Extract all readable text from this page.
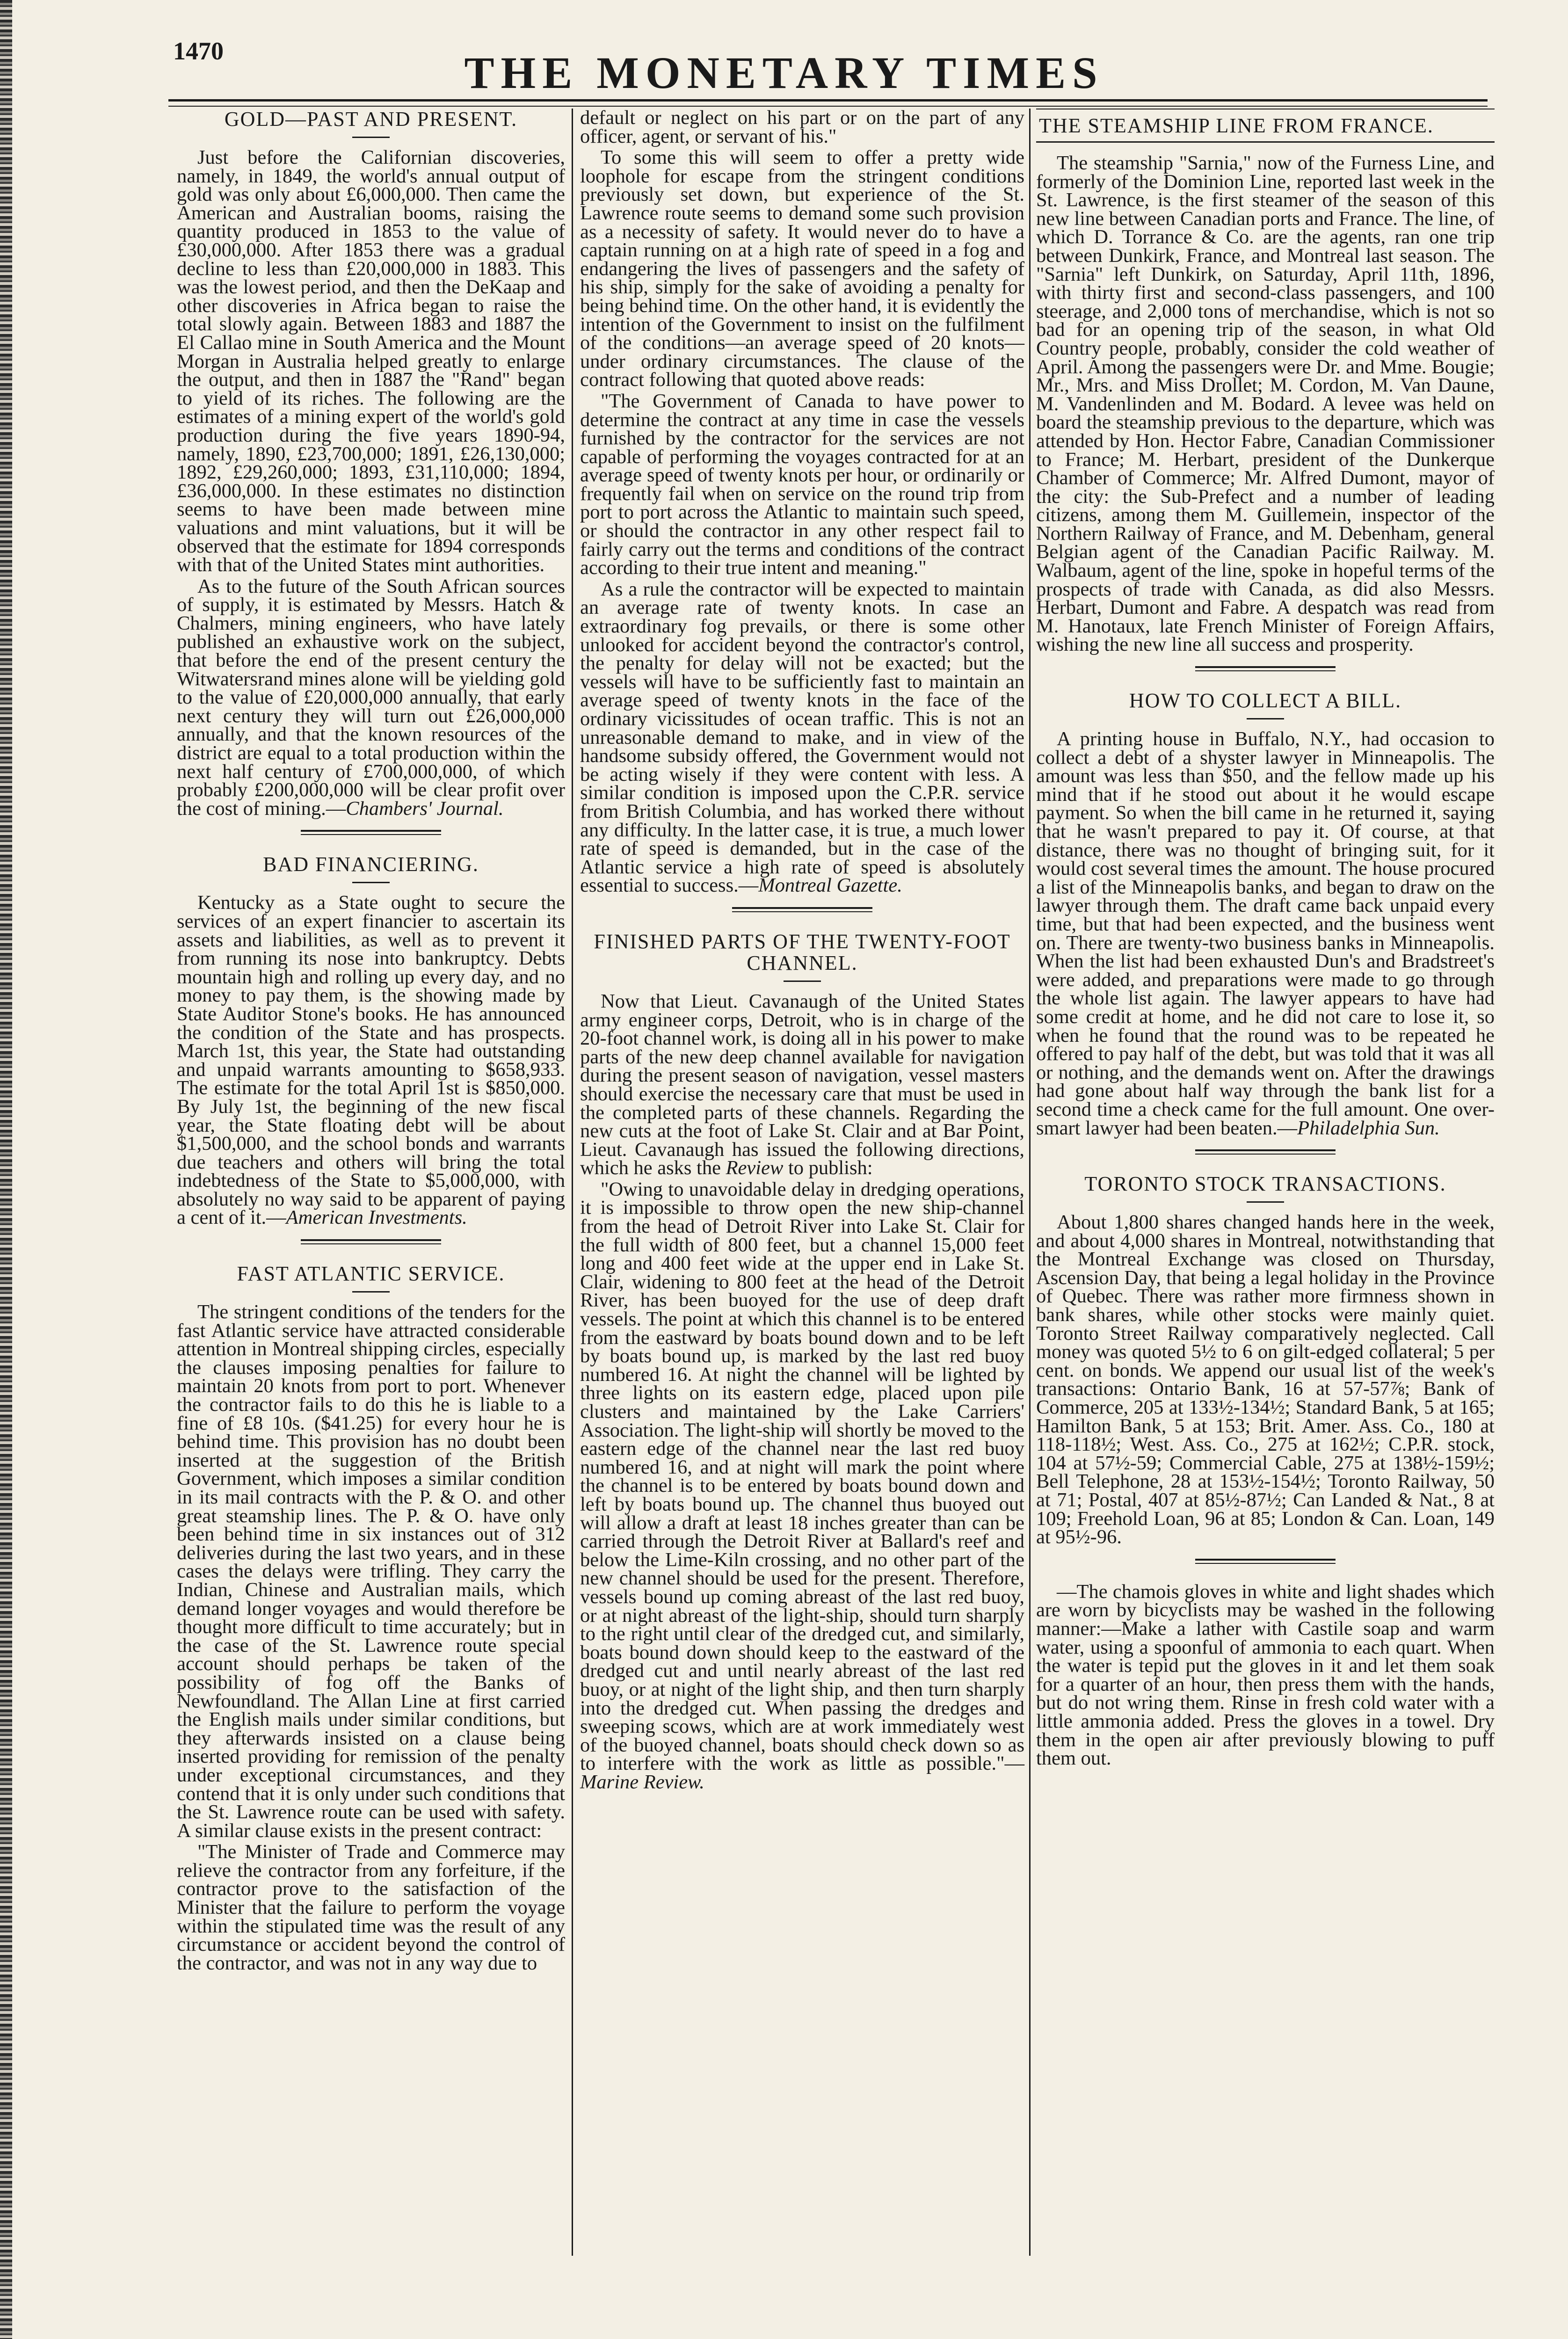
1470	THE MONETARY TIMES
GOLD—PAST AND PRESENT.

Just before the Californian discoveries, namely, in 1849, the world's annual output of gold was only about £6,000,000. Then came the American and Australian booms, raising the quantity produced in 1853 to the value of £30,000,000. After 1853 there was a gradual decline to less than £20,000,000 in 1883. This was the lowest period, and then the DeKaap and other discoveries in Africa began to raise the total slowly again. Between 1883 and 1887 the El Callao mine in South America and the Mount Morgan in Australia helped greatly to enlarge the output, and then in 1887 the "Rand" began to yield of its riches. The following are the estimates of a mining expert of the world's gold production during the five years 1890-94, namely, 1890, £23,700,000; 1891, £26,130,000; 1892, £29,260,000; 1893, £31,110,000; 1894, £36,000,000. In these estimates no distinction seems to have been made between mine valuations and mint valuations, but it will be observed that the estimate for 1894 corresponds with that of the United States mint authorities.

As to the future of the South African sources of supply, it is estimated by Messrs. Hatch & Chalmers, mining engineers, who have lately published an exhaustive work on the subject, that before the end of the present century the Witwatersrand mines alone will be yielding gold to the value of £20,000,000 annually, that early next century they will turn out £26,000,000 annually, and that the known resources of the district are equal to a total production within the next half century of £700,000,000, of which probably £200,000,000 will be clear profit over the cost of mining.—Chambers' Journal.

BAD FINANCIERING.

Kentucky as a State ought to secure the services of an expert financier to ascertain its assets and liabilities, as well as to prevent it from running its nose into bankruptcy. Debts mountain high and rolling up every day, and no money to pay them, is the showing made by State Auditor Stone's books. He has announced the condition of the State and has prospects. March 1st, this year, the State had outstanding and unpaid warrants amounting to $658,933. The estimate for the total April 1st is $850,000. By July 1st, the beginning of the new fiscal year, the State floating debt will be about $1,500,000, and the school bonds and warrants due teachers and others will bring the total indebtedness of the State to $5,000,000, with absolutely no way said to be apparent of paying a cent of it.—American Investments.

FAST ATLANTIC SERVICE.

The stringent conditions of the tenders for the fast Atlantic service have attracted considerable attention in Montreal shipping circles, especially the clauses imposing penalties for failure to maintain 20 knots from port to port. Whenever the contractor fails to do this he is liable to a fine of £8 10s. ($41.25) for every hour he is behind time. This provision has no doubt been inserted at the suggestion of the British Government, which imposes a similar condition in its mail contracts with the P. & O. and other great steamship lines. The P. & O. have only been behind time in six instances out of 312 deliveries during the last two years, and in these cases the delays were trifling. They carry the Indian, Chinese and Australian mails, which demand longer voyages and would therefore be thought more difficult to time accurately; but in the case of the St. Lawrence route special account should perhaps be taken of the possibility of fog off the Banks of Newfoundland. The Allan Line at first carried the English mails under similar conditions, but they afterwards insisted on a clause being inserted providing for remission of the penalty under exceptional circumstances, and they contend that it is only under such conditions that the St. Lawrence route can be used with safety. A similar clause exists in the present contract:

"The Minister of Trade and Commerce may relieve the contractor from any forfeiture, if the contractor prove to the satisfaction of the Minister that the failure to perform the voyage within the stipulated time was the result of any circumstance or accident beyond the control of the contractor, and was not in any way due to

default or neglect on his part or on the part of any officer, agent, or servant of his."

To some this will seem to offer a pretty wide loophole for escape from the stringent conditions previously set down, but experience of the St. Lawrence route seems to demand some such provision as a necessity of safety. It would never do to have a captain running on at a high rate of speed in a fog and endangering the lives of passengers and the safety of his ship, simply for the sake of avoiding a penalty for being behind time. On the other hand, it is evidently the intention of the Government to insist on the fulfilment of the conditions—an average speed of 20 knots—under ordinary circumstances. The clause of the contract following that quoted above reads:

"The Government of Canada to have power to determine the contract at any time in case the vessels furnished by the contractor for the services are not capable of performing the voyages contracted for at an average speed of twenty knots per hour, or ordinarily or frequently fail when on service on the round trip from port to port across the Atlantic to maintain such speed, or should the contractor in any other respect fail to fairly carry out the terms and conditions of the contract according to their true intent and meaning."

As a rule the contractor will be expected to maintain an average rate of twenty knots. In case an extraordinary fog prevails, or there is some other unlooked for accident beyond the contractor's control, the penalty for delay will not be exacted; but the vessels will have to be sufficiently fast to maintain an average speed of twenty knots in the face of the ordinary vicissitudes of ocean traffic. This is not an unreasonable demand to make, and in view of the handsome subsidy offered, the Government would not be acting wisely if they were content with less. A similar condition is imposed upon the C.P.R. service from British Columbia, and has worked there without any difficulty. In the latter case, it is true, a much lower rate of speed is demanded, but in the case of the Atlantic service a high rate of speed is absolutely essential to success.—Montreal Gazette.

FINISHED PARTS OF THE TWENTY-FOOT CHANNEL.

Now that Lieut. Cavanaugh of the United States army engineer corps, Detroit, who is in charge of the 20-foot channel work, is doing all in his power to make parts of the new deep channel available for navigation during the present season of navigation, vessel masters should exercise the necessary care that must be used in the completed parts of these channels. Regarding the new cuts at the foot of Lake St. Clair and at Bar Point, Lieut. Cavanaugh has issued the following directions, which he asks the Review to publish:

"Owing to unavoidable delay in dredging operations, it is impossible to throw open the new ship-channel from the head of Detroit River into Lake St. Clair for the full width of 800 feet, but a channel 15,000 feet long and 400 feet wide at the upper end in Lake St. Clair, widening to 800 feet at the head of the Detroit River, has been buoyed for the use of deep draft vessels. The point at which this channel is to be entered from the eastward by boats bound down and to be left by boats bound up, is marked by the last red buoy numbered 16. At night the channel will be lighted by three lights on its eastern edge, placed upon pile clusters and maintained by the Lake Carriers' Association. The light-ship will shortly be moved to the eastern edge of the channel near the last red buoy numbered 16, and at night will mark the point where the channel is to be entered by boats bound down and left by boats bound up. The channel thus buoyed out will allow a draft at least 18 inches greater than can be carried through the Detroit River at Ballard's reef and below the Lime-Kiln crossing, and no other part of the new channel should be used for the present. Therefore, vessels bound up coming abreast of the last red buoy, or at night abreast of the light-ship, should turn sharply to the right until clear of the dredged cut, and similarly, boats bound down should keep to the eastward of the dredged cut and until nearly abreast of the last red buoy, or at night of the light ship, and then turn sharply into the dredged cut. When passing the dredges and sweeping scows, which are at work immediately west of the buoyed channel, boats should check down so as to interfere with the work as little as possible."—Marine Review.

THE STEAMSHIP LINE FROM FRANCE.

The steamship "Sarnia," now of the Furness Line, and formerly of the Dominion Line, reported last week in the St. Lawrence, is the first steamer of the season of this new line between Canadian ports and France. The line, of which D. Torrance & Co. are the agents, ran one trip between Dunkirk, France, and Montreal last season. The "Sarnia" left Dunkirk, on Saturday, April 11th, 1896, with thirty first and second-class passengers, and 100 steerage, and 2,000 tons of merchandise, which is not so bad for an opening trip of the season, in what Old Country people, probably, consider the cold weather of April. Among the passengers were Dr. and Mme. Bougie; Mr., Mrs. and Miss Drollet; M. Cordon, M. Van Daune, M. Vandenlinden and M. Bodard. A levee was held on board the steamship previous to the departure, which was attended by Hon. Hector Fabre, Canadian Commissioner to France; M. Herbart, president of the Dunkerque Chamber of Commerce; Mr. Alfred Dumont, mayor of the city: the Sub-Prefect and a number of leading citizens, among them M. Guillemein, inspector of the Northern Railway of France, and M. Debenham, general Belgian agent of the Canadian Pacific Railway. M. Walbaum, agent of the line, spoke in hopeful terms of the prospects of trade with Canada, as did also Messrs. Herbart, Dumont and Fabre. A despatch was read from M. Hanotaux, late French Minister of Foreign Affairs, wishing the new line all success and prosperity.

HOW TO COLLECT A BILL.

A printing house in Buffalo, N.Y., had occasion to collect a debt of a shyster lawyer in Minneapolis. The amount was less than $50, and the fellow made up his mind that if he stood out about it he would escape payment. So when the bill came in he returned it, saying that he wasn't prepared to pay it. Of course, at that distance, there was no thought of bringing suit, for it would cost several times the amount. The house procured a list of the Minneapolis banks, and began to draw on the lawyer through them. The draft came back unpaid every time, but that had been expected, and the business went on. There are twenty-two business banks in Minneapolis. When the list had been exhausted Dun's and Bradstreet's were added, and preparations were made to go through the whole list again. The lawyer appears to have had some credit at home, and he did not care to lose it, so when he found that the round was to be repeated he offered to pay half of the debt, but was told that it was all or nothing, and the demands went on. After the drawings had gone about half way through the bank list for a second time a check came for the full amount. One over-smart lawyer had been beaten.—Philadelphia Sun.

TORONTO STOCK TRANSACTIONS.

About 1,800 shares changed hands here in the week, and about 4,000 shares in Montreal, notwithstanding that the Montreal Exchange was closed on Thursday, Ascension Day, that being a legal holiday in the Province of Quebec. There was rather more firmness shown in bank shares, while other stocks were mainly quiet. Toronto Street Railway comparatively neglected. Call money was quoted 5½ to 6 on gilt-edged collateral; 5 per cent. on bonds. We append our usual list of the week's transactions: Ontario Bank, 16 at 57-57⅞; Bank of Commerce, 205 at 133½-134½; Standard Bank, 5 at 165; Hamilton Bank, 5 at 153; Brit. Amer. Ass. Co., 180 at 118-118½; West. Ass. Co., 275 at 162½; C.P.R. stock, 104 at 57½-59; Commercial Cable, 275 at 138½-159½; Bell Telephone, 28 at 153½-154½; Toronto Railway, 50 at 71; Postal, 407 at 85½-87½; Can Landed & Nat., 8 at 109; Freehold Loan, 96 at 85; London & Can. Loan, 149 at 95½-96.

—The chamois gloves in white and light shades which are worn by bicyclists may be washed in the following manner:—Make a lather with Castile soap and warm water, using a spoonful of ammonia to each quart. When the water is tepid put the gloves in it and let them soak for a quarter of an hour, then press them with the hands, but do not wring them. Rinse in fresh cold water with a little ammonia added. Press the gloves in a towel. Dry them in the open air after previously blowing to puff them out.
